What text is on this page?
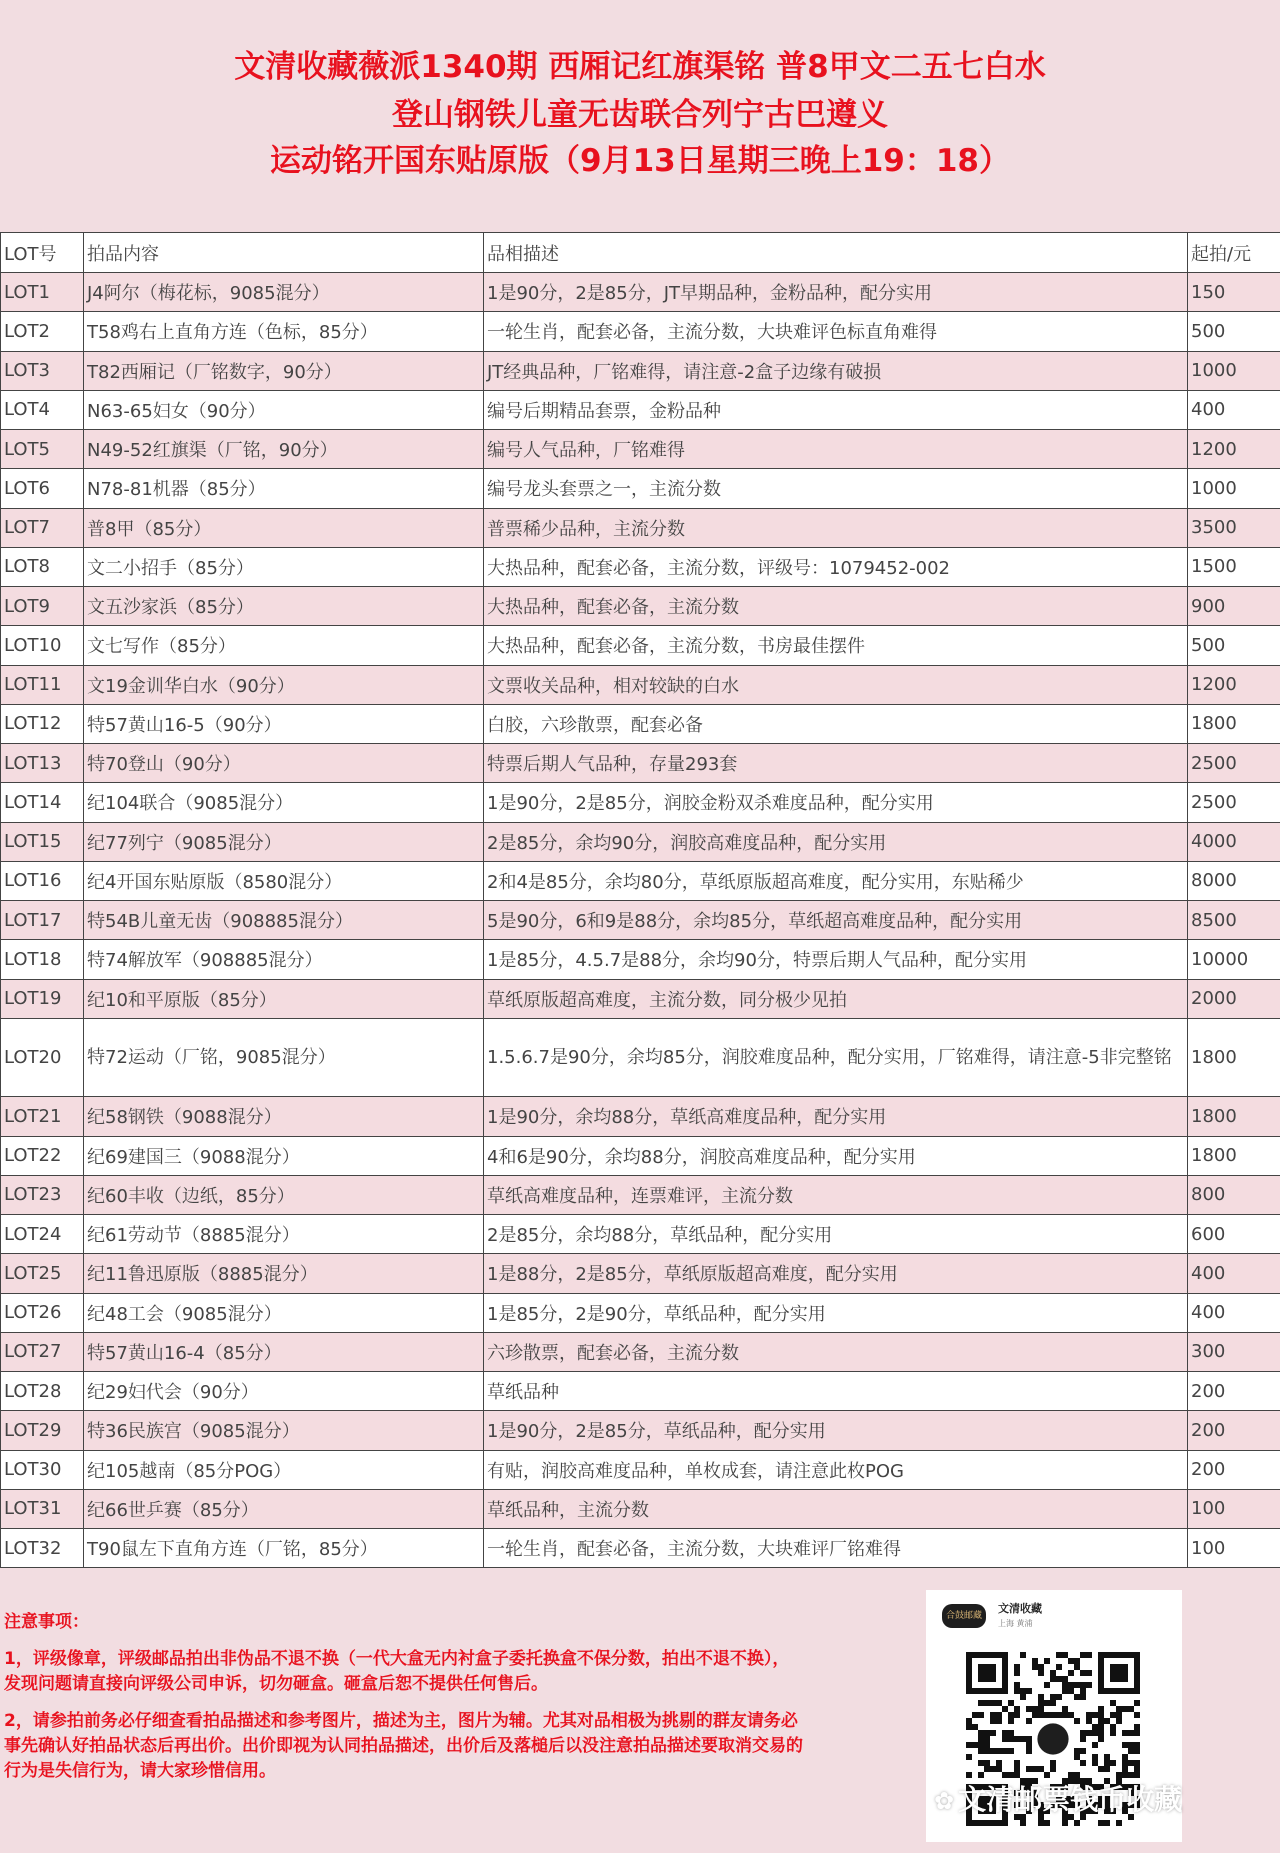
文清收藏薇派1340期 西厢记红旗渠铭 普8甲文二五七白水
登山钢铁儿童无齿联合列宁古巴遵义
运动铭开国东贴原版（9月13日星期三晚上19：18）
LOT号	拍品内容	品相描述	起拍/元
LOT1	J4阿尔（梅花标，9085混分）	1是90分，2是85分，JT早期品种，金粉品种，配分实用	150
LOT2	T58鸡右上直角方连（色标，85分）	一轮生肖，配套必备，主流分数，大块难评色标直角难得	500
LOT3	T82西厢记（厂铭数字，90分）	JT经典品种，厂铭难得，请注意-2盒子边缘有破损	1000
LOT4	N63-65妇女（90分）	编号后期精品套票，金粉品种	400
LOT5	N49-52红旗渠（厂铭，90分）	编号人气品种，厂铭难得	1200
LOT6	N78-81机器（85分）	编号龙头套票之一，主流分数	1000
LOT7	普8甲（85分）	普票稀少品种，主流分数	3500
LOT8	文二小招手（85分）	大热品种，配套必备，主流分数，评级号：1079452-002	1500
LOT9	文五沙家浜（85分）	大热品种，配套必备，主流分数	900
LOT10	文七写作（85分）	大热品种，配套必备，主流分数，书房最佳摆件	500
LOT11	文19金训华白水（90分）	文票收关品种，相对较缺的白水	1200
LOT12	特57黄山16-5（90分）	白胶，六珍散票，配套必备	1800
LOT13	特70登山（90分）	特票后期人气品种，存量293套	2500
LOT14	纪104联合（9085混分）	1是90分，2是85分，润胶金粉双杀难度品种，配分实用	2500
LOT15	纪77列宁（9085混分）	2是85分，余均90分，润胶高难度品种，配分实用	4000
LOT16	纪4开国东贴原版（8580混分）	2和4是85分，余均80分，草纸原版超高难度，配分实用，东贴稀少	8000
LOT17	特54B儿童无齿（908885混分）	5是90分，6和9是88分，余均85分，草纸超高难度品种，配分实用	8500
LOT18	特74解放军（908885混分）	1是85分，4.5.7是88分，余均90分，特票后期人气品种，配分实用	10000
LOT19	纪10和平原版（85分）	草纸原版超高难度，主流分数，同分极少见拍	2000
LOT20	特72运动（厂铭，9085混分）	1.5.6.7是90分，余均85分，润胶难度品种，配分实用，厂铭难得，请注意-5非完整铭	1800
LOT21	纪58钢铁（9088混分）	1是90分，余均88分，草纸高难度品种，配分实用	1800
LOT22	纪69建国三（9088混分）	4和6是90分，余均88分，润胶高难度品种，配分实用	1800
LOT23	纪60丰收（边纸，85分）	草纸高难度品种，连票难评，主流分数	800
LOT24	纪61劳动节（8885混分）	2是85分，余均88分，草纸品种，配分实用	600
LOT25	纪11鲁迅原版（8885混分）	1是88分，2是85分，草纸原版超高难度，配分实用	400
LOT26	纪48工会（9085混分）	1是85分，2是90分，草纸品种，配分实用	400
LOT27	特57黄山16-4（85分）	六珍散票，配套必备，主流分数	300
LOT28	纪29妇代会（90分）	草纸品种	200
LOT29	特36民族宫（9085混分）	1是90分，2是85分，草纸品种，配分实用	200
LOT30	纪105越南（85分POG）	有贴，润胶高难度品种，单枚成套，请注意此枚POG	200
LOT31	纪66世乒赛（85分）	草纸品种，主流分数	100
LOT32	T90鼠左下直角方连（厂铭，85分）	一轮生肖，配套必备，主流分数，大块难评厂铭难得	100

注意事项：

1，评级像章，评级邮品拍出非伪品不退不换（一代大盒无内衬盒子委托换盒不保分数，拍出不退不换），发现问题请直接向评级公司申诉，切勿砸盒。砸盒后恕不提供任何售后。

2，请参拍前务必仔细查看拍品描述和参考图片，描述为主，图片为辅。尤其对品相极为挑剔的群友请务必事先确认好拍品状态后再出价。出价即视为认同拍品描述，出价后及落槌后以没注意拍品描述要取消交易的行为是失信行为，请大家珍惜信用。

合鼓邮藏
文清收藏
上海 黄浦
✿ 文清邮票钱币收藏
